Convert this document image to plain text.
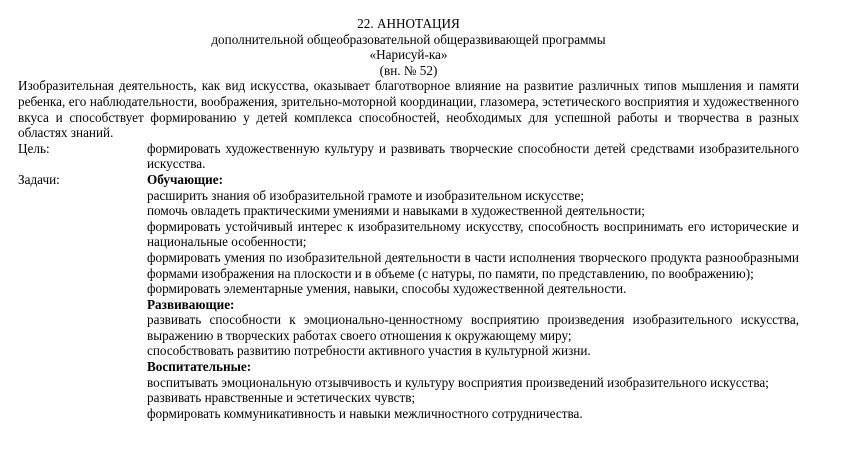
22. АННОТАЦИЯ
дополнительной общеобразовательной общеразвивающей программы
«Нарисуй-ка»
(вн. № 52)
Изобразительная деятельность, как вид искусства, оказывает благотворное влияние на развитие различных типов мышления и памяти ребенка, его наблюдательности, воображения, зрительно-моторной координации, глазомера, эстетического восприятия и художественного вкуса и способствует формированию у детей комплекса способностей, необходимых для успешной работы и творчества в разных областях знаний.
Цель:	формировать художественную культуру и развивать творческие способности детей средствами изобразительного искусства.
Задачи:	Обучающие:
расширить знания об изобразительной грамоте и изобразительном искусстве;
помочь овладеть практическими умениями и навыками в художественной деятельности;
формировать устойчивый интерес к изобразительному искусству, способность воспринимать его исторические и национальные особенности;
формировать умения по изобразительной деятельности в части исполнения творческого продукта разнообразными формами изображения на плоскости и в объеме (с натуры, по памяти, по представлению, по воображению);
формировать элементарные умения, навыки, способы художественной деятельности.
Развивающие:
развивать способности к эмоционально-ценностному восприятию произведения изобразительного искусства, выражению в творческих работах своего отношения к окружающему миру;
способствовать развитию потребности активного участия в культурной жизни.
Воспитательные:
воспитывать эмоциональную отзывчивость и культуру восприятия произведений изобразительного искусства;
развивать нравственные и эстетических чувств;
формировать коммуникативность и навыки межличностного сотрудничества.
